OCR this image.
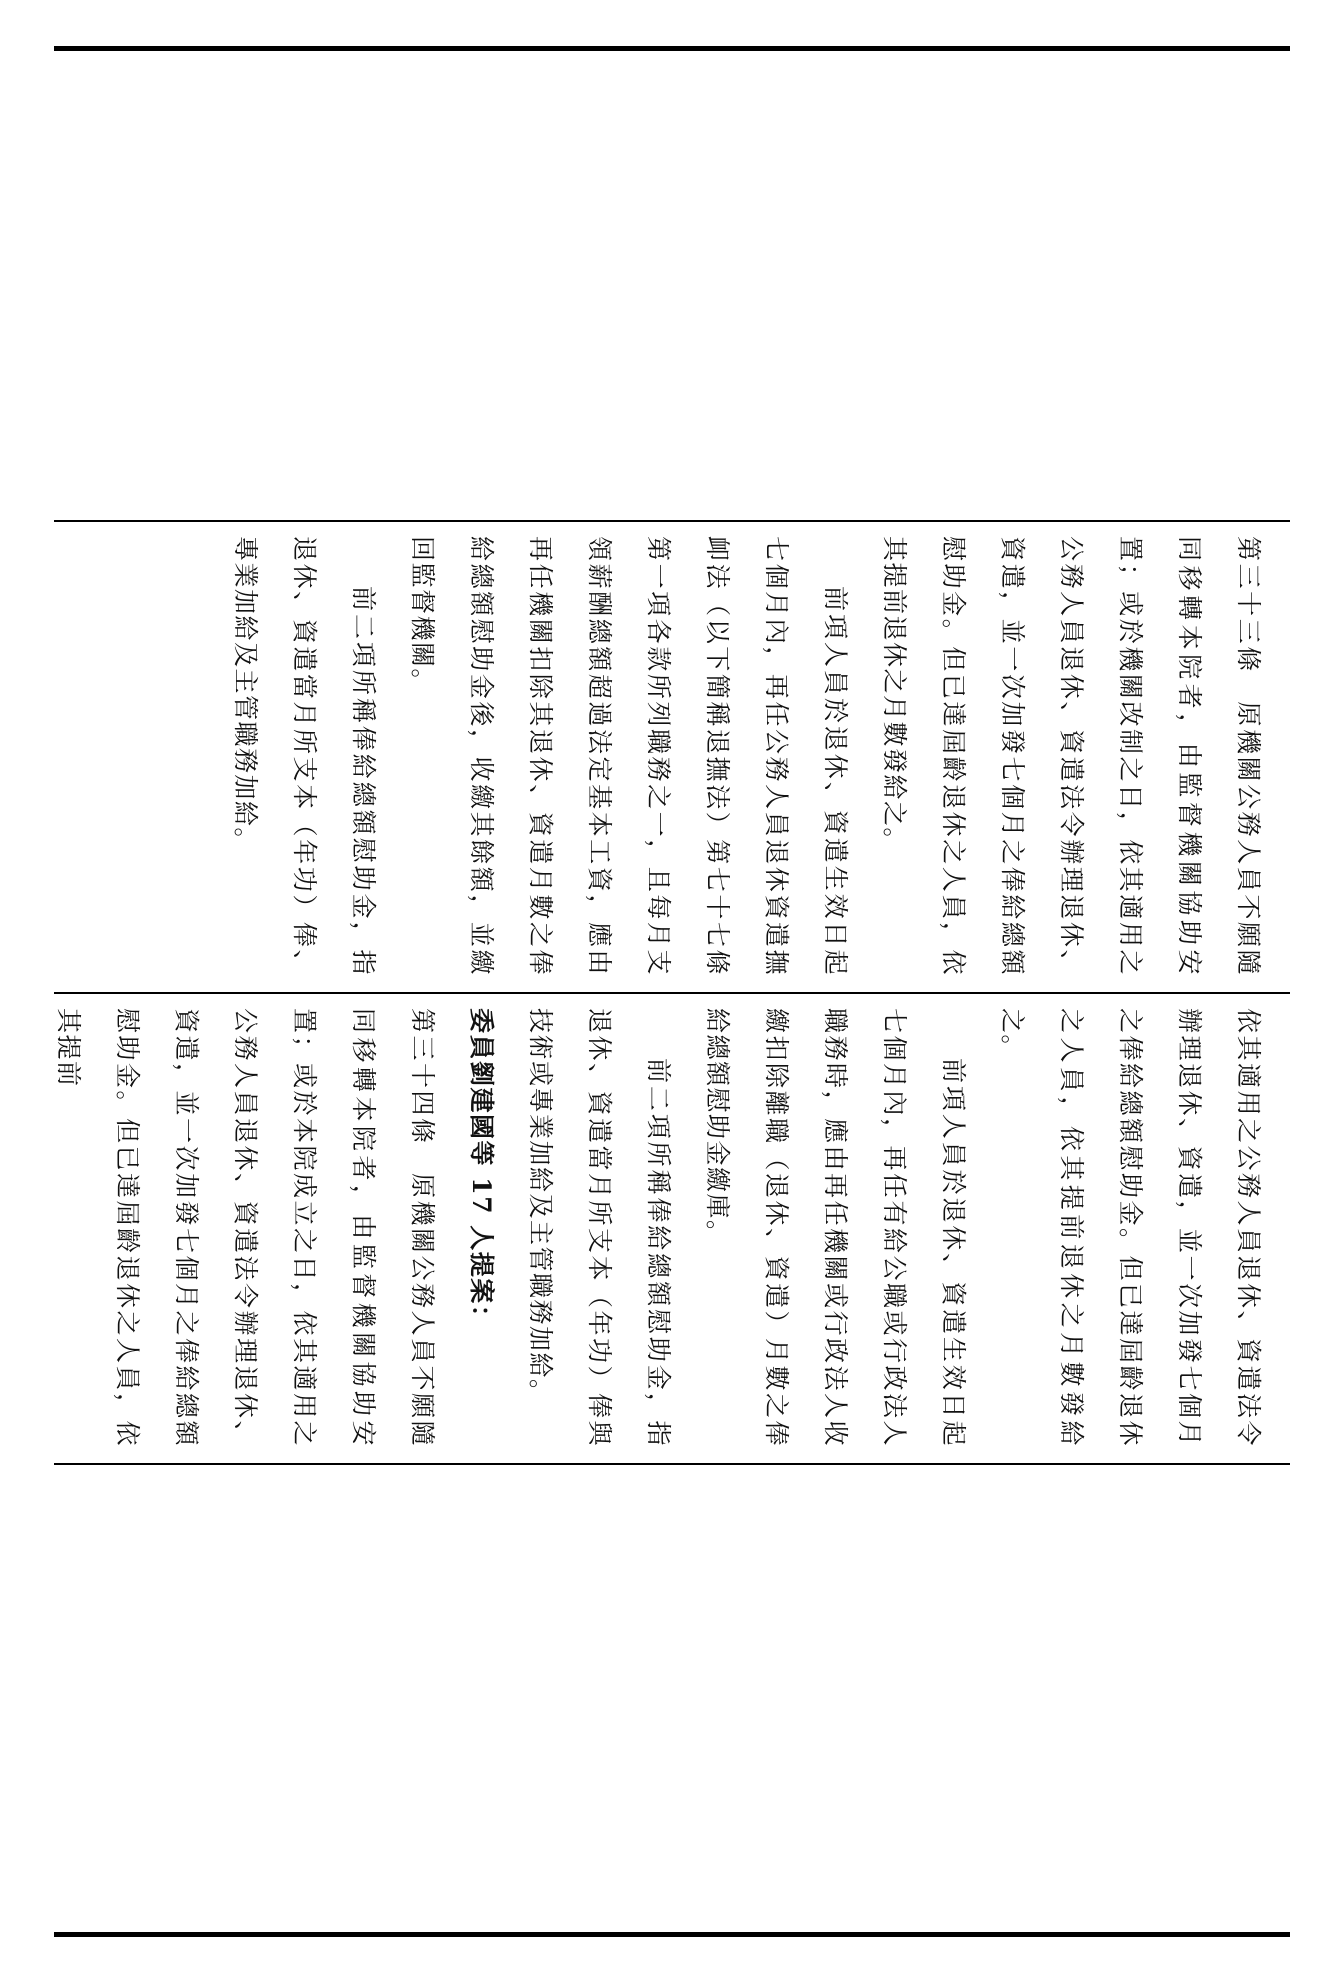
第三十三條　原機關公務人員不願隨同移轉本院者，由監督機關協助安置；或於機關改制之日，依其適用之公務人員退休、資遣法令辦理退休、資遣，並一次加發七個月之俸給總額慰助金。但已達屆齡退休之人員，依其提前退休之月數發給之。

前項人員於退休、資遣生效日起七個月內，再任公務人員退休資遣撫卹法（以下簡稱退撫法）第七十七條第一項各款所列職務之一，且每月支領薪酬總額超過法定基本工資，應由再任機關扣除其退休、資遣月數之俸給總額慰助金後，收繳其餘額，並繳回監督機關。

前二項所稱俸給總額慰助金，指退休、資遣當月所支本（年功）俸、專業加給及主管職務加給。

依其適用之公務人員退休、資遣法令辦理退休、資遣，並一次加發七個月之俸給總額慰助金。但已達屆齡退休之人員，依其提前退休之月數發給之。

前項人員於退休、資遣生效日起七個月內，再任有給公職或行政法人職務時，應由再任機關或行政法人收繳扣除離職（退休、資遣）月數之俸給總額慰助金繳庫。

前二項所稱俸給總額慰助金，指退休、資遣當月所支本（年功）俸與技術或專業加給及主管職務加給。

委員劉建國等 17 人提案：

第三十四條　原機關公務人員不願隨同移轉本院者，由監督機關協助安置；或於本院成立之日，依其適用之公務人員退休、資遣法令辦理退休、資遣，並一次加發七個月之俸給總額慰助金。但已達屆齡退休之人員，依其提前
